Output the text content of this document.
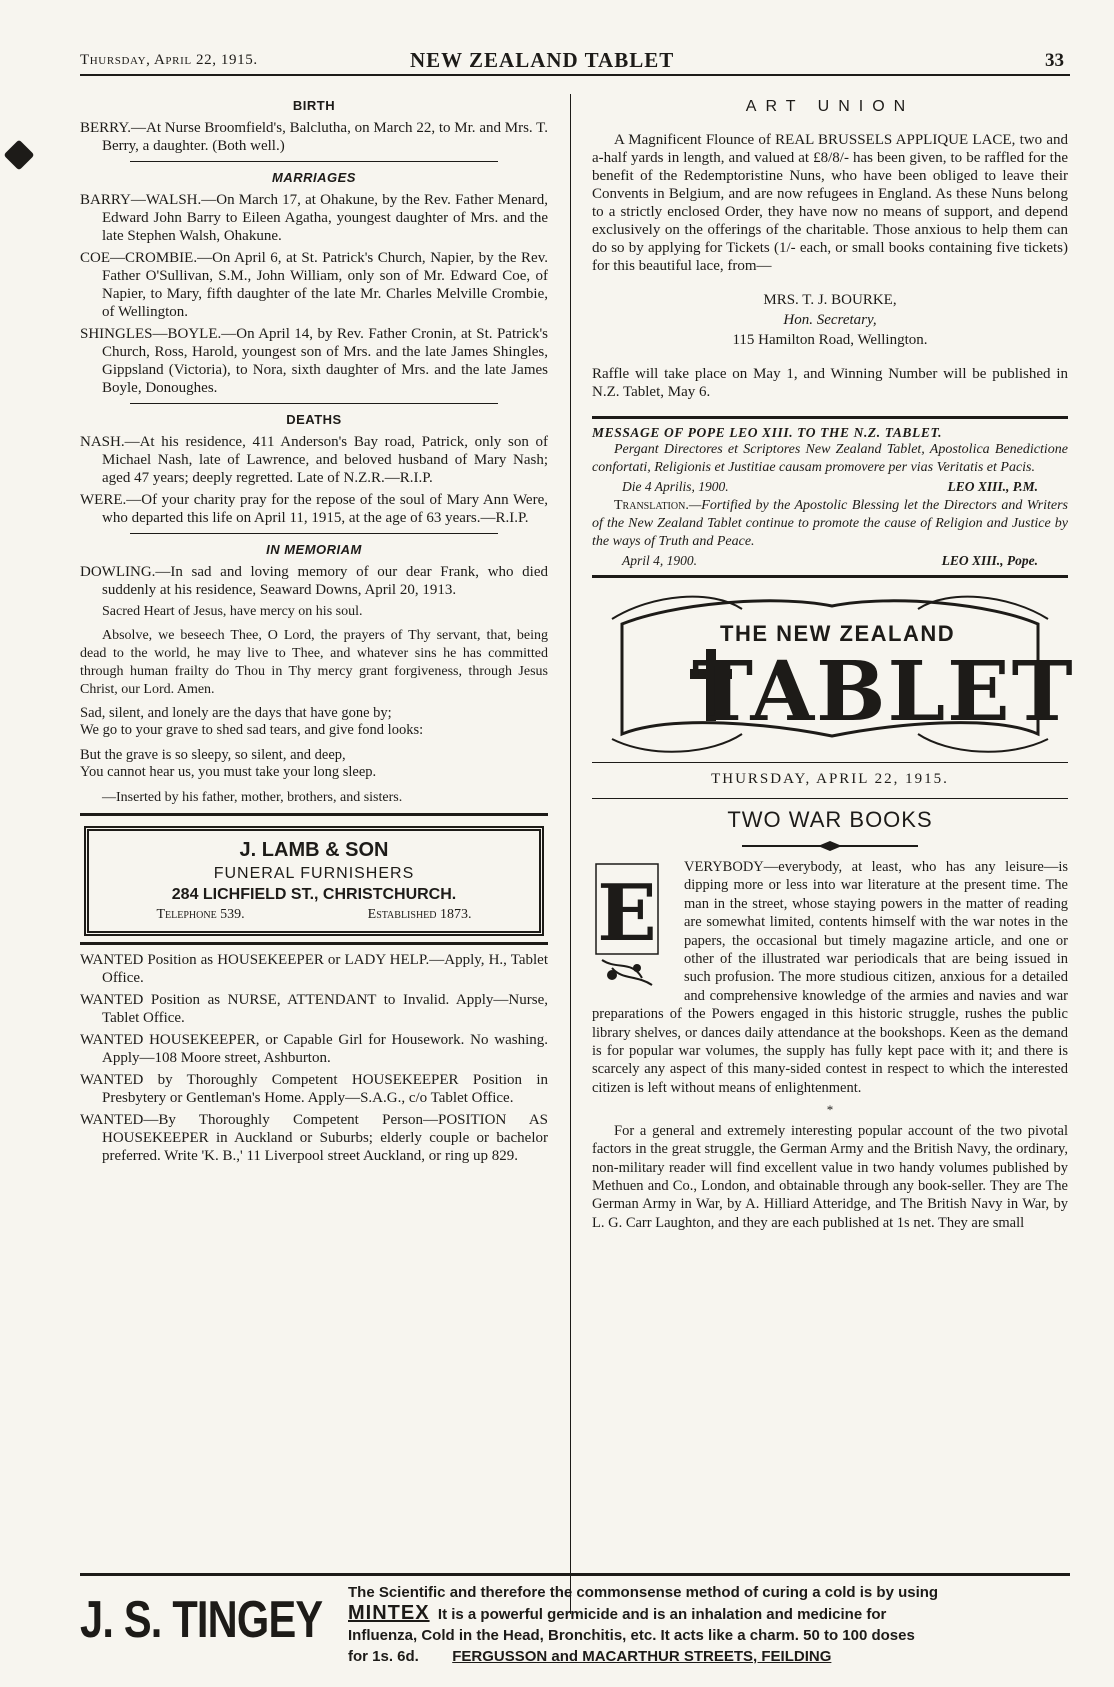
Thursday, April 22, 1915.	NEW ZEALAND TABLET	33
BIRTH

BERRY.—At Nurse Broomfield's, Balclutha, on March 22, to Mr. and Mrs. T. Berry, a daughter. (Both well.)

MARRIAGES

BARRY—WALSH.—On March 17, at Ohakune, by the Rev. Father Menard, Edward John Barry to Eileen Agatha, youngest daughter of Mrs. and the late Stephen Walsh, Ohakune.

COE—CROMBIE.—On April 6, at St. Patrick's Church, Napier, by the Rev. Father O'Sullivan, S.M., John William, only son of Mr. Edward Coe, of Napier, to Mary, fifth daughter of the late Mr. Charles Melville Crombie, of Wellington.

SHINGLES—BOYLE.—On April 14, by Rev. Father Cronin, at St. Patrick's Church, Ross, Harold, youngest son of Mrs. and the late James Shingles, Gippsland (Victoria), to Nora, sixth daughter of Mrs. and the late James Boyle, Donoughes.

DEATHS

NASH.—At his residence, 411 Anderson's Bay road, Patrick, only son of Michael Nash, late of Lawrence, and beloved husband of Mary Nash; aged 47 years; deeply regretted. Late of N.Z.R.—R.I.P.

WERE.—Of your charity pray for the repose of the soul of Mary Ann Were, who departed this life on April 11, 1915, at the age of 63 years.—R.I.P.

IN MEMORIAM

DOWLING.—In sad and loving memory of our dear Frank, who died suddenly at his residence, Seaward Downs, April 20, 1913.

Sacred Heart of Jesus, have mercy on his soul.

Absolve, we beseech Thee, O Lord, the prayers of Thy servant, that, being dead to the world, he may live to Thee, and whatever sins he has committed through human frailty do Thou in Thy mercy grant forgiveness, through Jesus Christ, our Lord. Amen.

Sad, silent, and lonely are the days that have gone by;
We go to your grave to shed sad tears, and give fond looks:
But the grave is so sleepy, so silent, and deep,
You cannot hear us, you must take your long sleep.

—Inserted by his father, mother, brothers, and sisters.

J. LAMB & SON
FUNERAL FURNISHERS
284 LICHFIELD ST., CHRISTCHURCH.
Telephone 539.	Established 1873.

WANTED Position as HOUSEKEEPER or LADY HELP.—Apply, H., Tablet Office.

WANTED Position as NURSE, ATTENDANT to Invalid. Apply—Nurse, Tablet Office.

WANTED HOUSEKEEPER, or Capable Girl for Housework. No washing. Apply—108 Moore street, Ashburton.

WANTED by Thoroughly Competent HOUSEKEEPER Position in Presbytery or Gentleman's Home. Apply—S.A.G., c/o Tablet Office.

WANTED—By Thoroughly Competent Person—POSITION AS HOUSEKEEPER in Auckland or Suburbs; elderly couple or bachelor preferred. Write 'K. B.,' 11 Liverpool street Auckland, or ring up 829.

ART UNION

A Magnificent Flounce of REAL BRUSSELS APPLIQUE LACE, two and a-half yards in length, and valued at £8/8/- has been given, to be raffled for the benefit of the Redemptoristine Nuns, who have been obliged to leave their Convents in Belgium, and are now refugees in England. As these Nuns belong to a strictly enclosed Order, they have now no means of support, and depend exclusively on the offerings of the charitable. Those anxious to help them can do so by applying for Tickets (1/- each, or small books containing five tickets) for this beautiful lace, from—

MRS. T. J. BOURKE,
Hon. Secretary,
115 Hamilton Road, Wellington.

Raffle will take place on May 1, and Winning Number will be published in N.Z. Tablet, May 6.

MESSAGE OF POPE LEO XIII. TO THE N.Z. TABLET.

Pergant Directores et Scriptores New Zealand Tablet, Apostolica Benedictione confortati, Religionis et Justitiae causam promovere per vias Veritatis et Pacis.

Die 4 Aprilis, 1900.	LEO XIII., P.M.

Translation.—Fortified by the Apostolic Blessing let the Directors and Writers of the New Zealand Tablet continue to promote the cause of Religion and Justice by the ways of Truth and Peace.

April 4, 1900.	LEO XIII., Pope.
THE NEW ZEALAND
TABLET
THURSDAY, APRIL 22, 1915.
TWO WAR BOOKS
E

VERYBODY—everybody, at least, who has any leisure—is dipping more or less into war literature at the present time. The man in the street, whose staying powers in the matter of reading are somewhat limited, contents himself with the war notes in the papers, the occasional but timely magazine article, and one or other of the illustrated war periodicals that are being issued in such profusion. The more studious citizen, anxious for a detailed and comprehensive knowledge of the armies and navies and war preparations of the Powers engaged in this historic struggle, rushes the public library shelves, or dances daily attendance at the bookshops. Keen as the demand is for popular war volumes, the supply has fully kept pace with it; and there is scarcely any aspect of this many-sided contest in respect to which the interested citizen is left without means of enlightenment.

*

For a general and extremely interesting popular account of the two pivotal factors in the great struggle, the German Army and the British Navy, the ordinary, non-military reader will find excellent value in two handy volumes published by Methuen and Co., London, and obtainable through any book-seller. They are The German Army in War, by A. Hilliard Atteridge, and The British Navy in War, by L. G. Carr Laughton, and they are each published at 1s net. They are small

J. S. TINGEY The Scientific and therefore the commonsense method of curing a cold is by using
MINTEX It is a powerful germicide and is an inhalation and medicine for
Influenza, Cold in the Head, Bronchitis, etc. It acts like a charm. 50 to 100 doses
for 1s. 6d. FERGUSSON and MACARTHUR STREETS, FEILDING
